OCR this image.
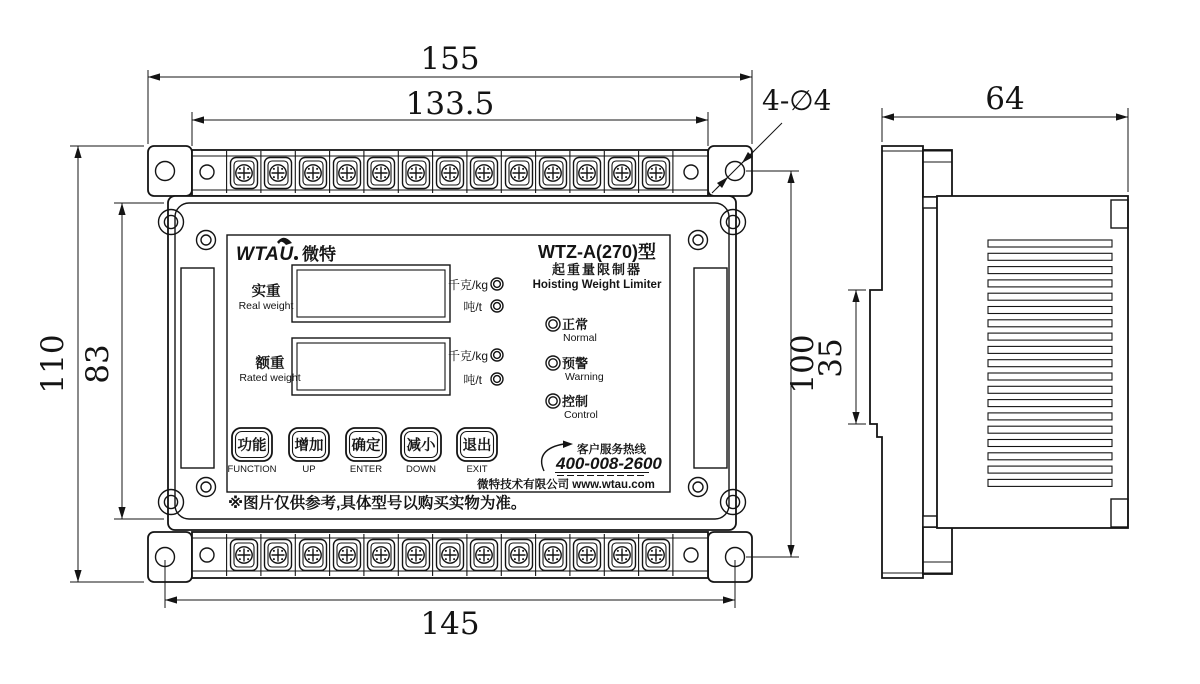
WTAU 微特	WTZ-A(270)型
起重量限制器
Hoisting Weight Limiter
实重
Real weight
千克/kg
吨/t
额重
Rated weight
千克/kg
吨/t
正常
Normal
预警
Warning
控制
Control
功能
FUNCTION
增加
UP
确定
ENTER
减小
DOWN
退出
EXIT
客户服务热线
400-008-2600
微特技术有限公司 www.wtau.com
※图片仅供参考,具体型号以购买实物为准。
155
133.5	4-∅4	64
110 83	100
145
35
